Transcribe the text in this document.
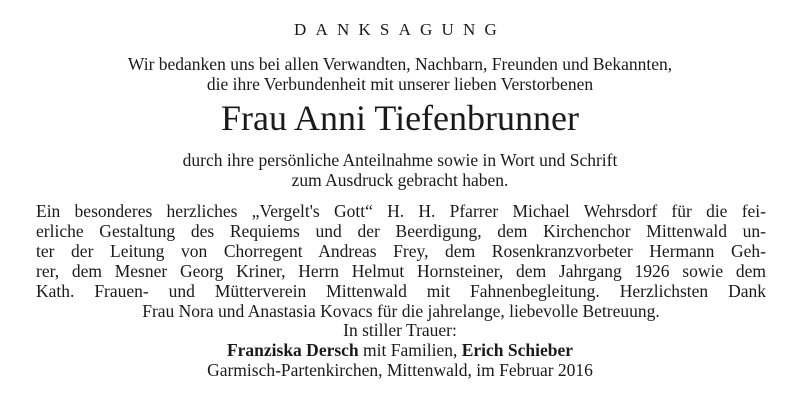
DANKSAGUNG
Wir bedanken uns bei allen Verwandten, Nachbarn, Freunden und Bekannten,
die ihre Verbundenheit mit unserer lieben Verstorbenen
Frau Anni Tiefenbrunner
durch ihre persönliche Anteilnahme sowie in Wort und Schrift
zum Ausdruck gebracht haben.
Ein besonderes herzliches „Vergelt's Gott“ H. H. Pfarrer Michael Wehrsdorf für die fei-
erliche Gestaltung des Requiems und der Beerdigung, dem Kirchenchor Mittenwald un-
ter der Leitung von Chorregent Andreas Frey, dem Rosenkranzvorbeter Hermann Geh-
rer, dem Mesner Georg Kriner, Herrn Helmut Hornsteiner, dem Jahrgang 1926 sowie dem
Kath. Frauen- und Mütterverein Mittenwald mit Fahnenbegleitung. Herzlichsten Dank
Frau Nora und Anastasia Kovacs für die jahrelange, liebevolle Betreuung.
In stiller Trauer:
Franziska Dersch mit Familien, Erich Schieber
Garmisch-Partenkirchen, Mittenwald, im Februar 2016
